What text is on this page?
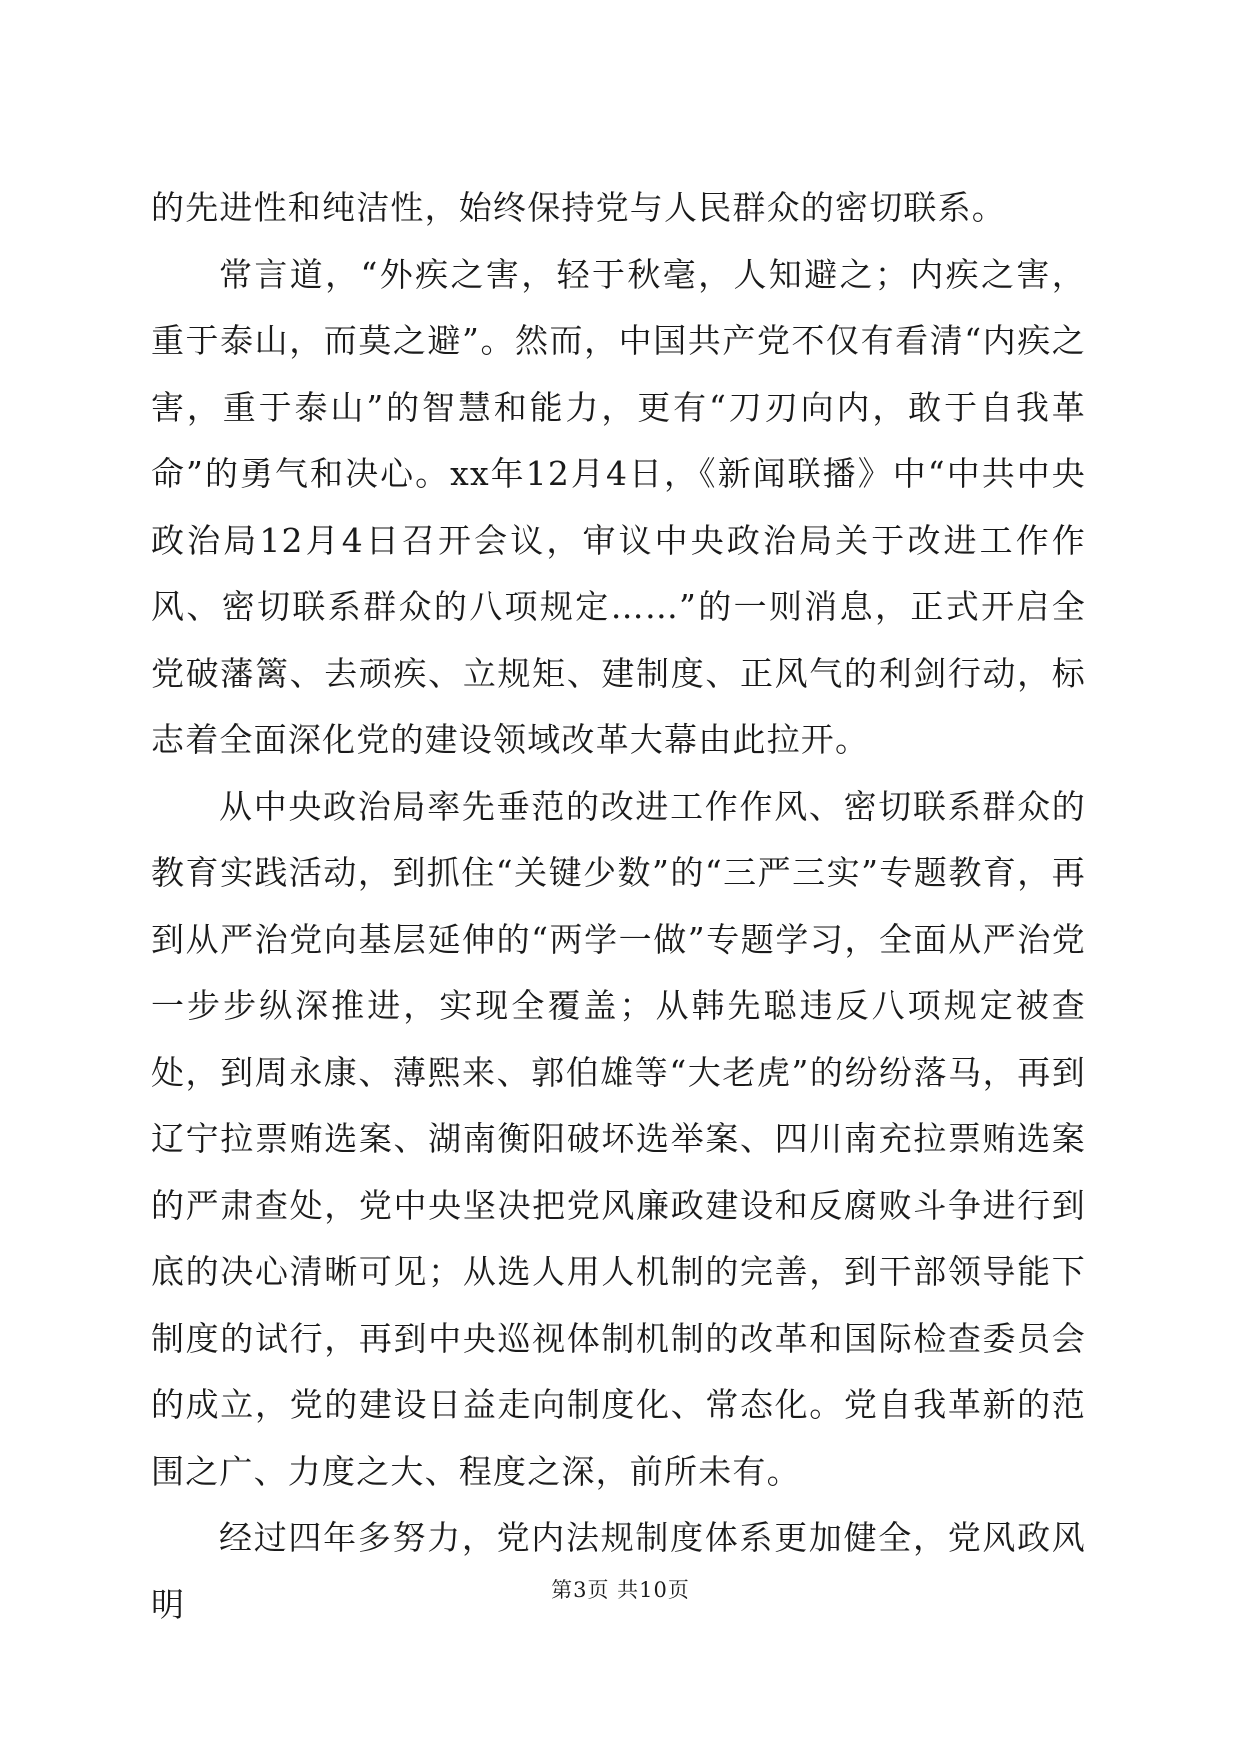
的先进性和纯洁性，始终保持党与人民群众的密切联系。

常言道，“外疾之害，轻于秋毫，人知避之；内疾之害，重于泰山，而莫之避”。然而，中国共产党不仅有看清“内疾之害，重于泰山”的智慧和能力，更有“刀刃向内，敢于自我革命”的勇气和决心。xx年12月4日，《新闻联播》中“中共中央政治局12月4日召开会议，审议中央政治局关于改进工作作风、密切联系群众的八项规定……”的一则消息，正式开启全党破藩篱、去顽疾、立规矩、建制度、正风气的利剑行动，标志着全面深化党的建设领域改革大幕由此拉开。

从中央政治局率先垂范的改进工作作风、密切联系群众的教育实践活动，到抓住“关键少数”的“三严三实”专题教育，再到从严治党向基层延伸的“两学一做”专题学习，全面从严治党一步步纵深推进，实现全覆盖；从韩先聪违反八项规定被查处，到周永康、薄熙来、郭伯雄等“大老虎”的纷纷落马，再到辽宁拉票贿选案、湖南衡阳破坏选举案、四川南充拉票贿选案的严肃查处，党中央坚决把党风廉政建设和反腐败斗争进行到底的决心清晰可见；从选人用人机制的完善，到干部领导能下制度的试行，再到中央巡视体制机制的改革和国际检查委员会的成立，党的建设日益走向制度化、常态化。党自我革新的范围之广、力度之大、程度之深，前所未有。

经过四年多努力，党内法规制度体系更加健全，党风政风明	第3页 共10页
